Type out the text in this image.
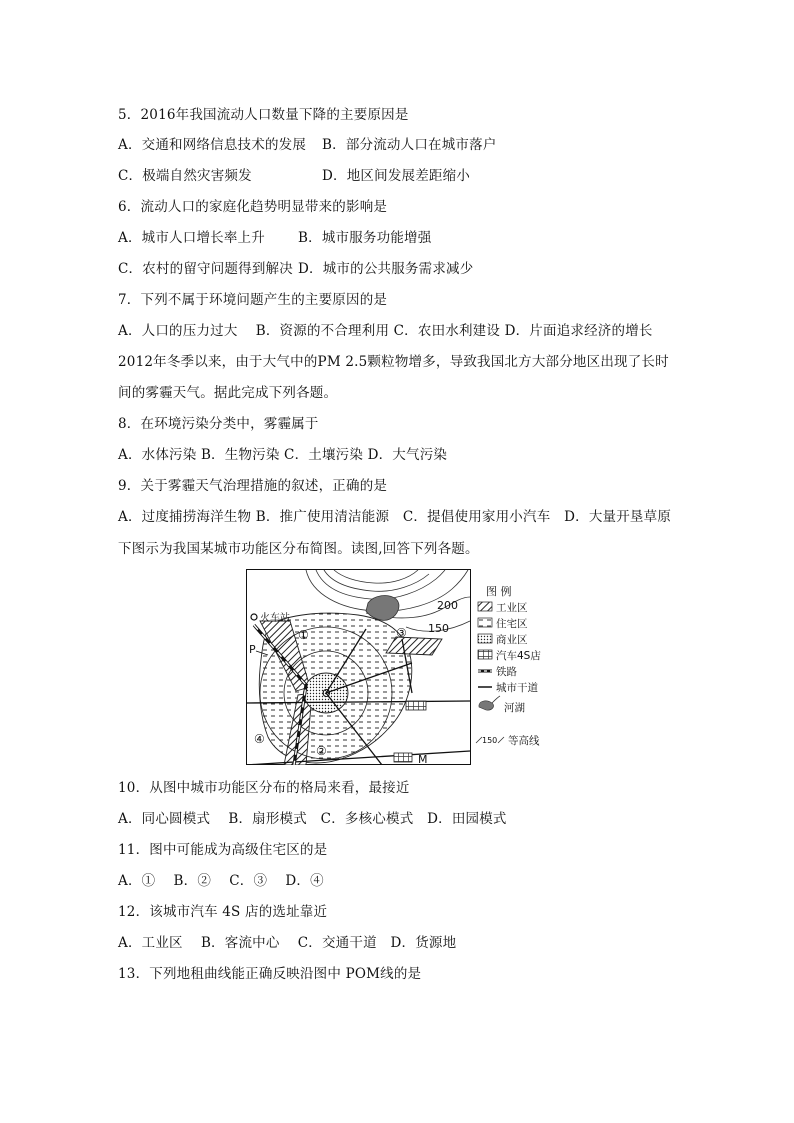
5．2016年我国流动人口数量下降的主要原因是
A．交通和网络信息技术的发展 B．部分流动人口在城市落户
C．极端自然灾害频发	D．地区间发展差距缩小
6．流动人口的家庭化趋势明显带来的影响是
A．城市人口增长率上升 B．城市服务功能增强
C．农村的留守问题得到解决 D．城市的公共服务需求减少
7．下列不属于环境问题产生的主要原因的是
A．人口的压力过大　 B．资源的不合理利用 C．农田水利建设 D．片面追求经济的增长
2012年冬季以来，由于大气中的PM 2.5颗粒物增多，导致我国北方大部分地区出现了长时
间的雾霾天气。据此完成下列各题。
8．在环境污染分类中，雾霾属于
A．水体污染 B．生物污染 C．土壤污染 D．大气污染
9．关于雾霾天气治理措施的叙述，正确的是
A．过度捕捞海洋生物 B．推广使用清洁能源　C．提倡使用家用小汽车　D．大量开垦草原
下图示为我国某城市功能区分布简图。读图,回答下列各题。
200
150
火车站
P
O
M
①
②
③
④
图 例
工业区
住宅区
商业区
汽车4S店
铁路
城市干道
河湖
150 等高线
10．从图中城市功能区分布的格局来看，最接近
A．同心圆模式　 B．扇形模式　C．多核心模式　D．田园模式
11．图中可能成为高级住宅区的是
A．①　 B．②　 C．③　 D．④
12．该城市汽车 4S 店的选址靠近
A．工业区　 B．客流中心　 C．交通干道　D．货源地
13．下列地租曲线能正确反映沿图中 POM线的是
